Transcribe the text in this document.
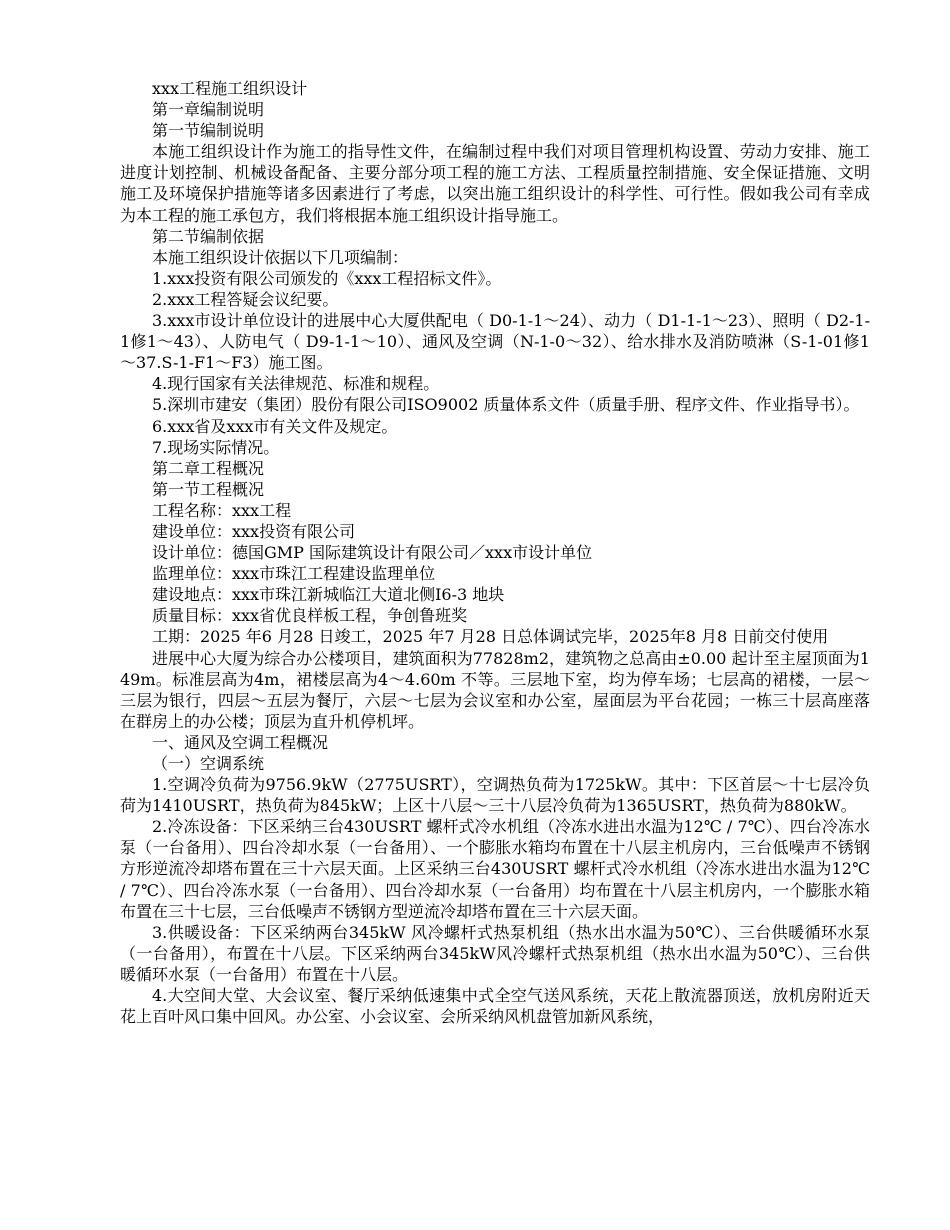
xxx工程施工组织设计

第一章编制说明

第一节编制说明

本施工组织设计作为施工的指导性文件，在编制过程中我们对项目管理机构设置、劳动力安排、施工进度计划控制、机械设备配备、主要分部分项工程的施工方法、工程质量控制措施、安全保证措施、文明施工及环境保护措施等诸多因素进行了考虑，以突出施工组织设计的科学性、可行性。假如我公司有幸成为本工程的施工承包方，我们将根据本施工组织设计指导施工。

第二节编制依据

本施工组织设计依据以下几项编制：

1.xxx投资有限公司颁发的《xxx工程招标文件》。

2.xxx工程答疑会议纪要。

3.xxx市设计单位设计的进展中心大厦供配电（ D0-1-1～24）、动力（ D1-1-1～23）、照明（ D2-1-1修1～43）、人防电气（ D9-1-1～10）、通风及空调（N-1-0～32）、给水排水及消防喷淋（S-1-01修1～37.S-1-F1～F3）施工图。

4.现行国家有关法律规范、标准和规程。

5.深圳市建安（集团）股份有限公司ISO9002 质量体系文件（质量手册、程序文件、作业指导书）。

6.xxx省及xxx市有关文件及规定。

7.现场实际情况。

第二章工程概况

第一节工程概况

工程名称：xxx工程

建设单位：xxx投资有限公司

设计单位：德国GMP 国际建筑设计有限公司／xxx市设计单位

监理单位：xxx市珠江工程建设监理单位

建设地点：xxx市珠江新城临江大道北侧Ⅰ6-3 地块

质量目标：xxx省优良样板工程，争创鲁班奖

工期：2025 年6 月28 日竣工，2025 年7 月28 日总体调试完毕，2025年8 月8 日前交付使用

进展中心大厦为综合办公楼项目，建筑面积为77828m2，建筑物之总高由±0.00 起计至主屋顶面为149m。标准层高为4m，裙楼层高为4～4.60m 不等。三层地下室，均为停车场；七层高的裙楼，一层～三层为银行，四层～五层为餐厅，六层～七层为会议室和办公室，屋面层为平台花园；一栋三十层高座落在群房上的办公楼；顶层为直升机停机坪。

一、通风及空调工程概况

（一）空调系统

1.空调冷负荷为9756.9kW（2775USRT），空调热负荷为1725kW。其中：下区首层～十七层冷负荷为1410USRT，热负荷为845kW；上区十八层～三十八层冷负荷为1365USRT，热负荷为880kW。

2.冷冻设备：下区采纳三台430USRT 螺杆式冷水机组（冷冻水进出水温为12℃ / 7℃）、四台冷冻水泵（一台备用）、四台冷却水泵（一台备用）、一个膨胀水箱均布置在十八层主机房内，三台低噪声不锈钢方形逆流冷却塔布置在三十六层天面。上区采纳三台430USRT 螺杆式冷水机组（冷冻水进出水温为12℃ / 7℃）、四台冷冻水泵（一台备用）、四台冷却水泵（一台备用）均布置在十八层主机房内，一个膨胀水箱布置在三十七层，三台低噪声不锈钢方型逆流冷却塔布置在三十六层天面。

3.供暖设备：下区采纳两台345kW 风冷螺杆式热泵机组（热水出水温为50℃）、三台供暖循环水泵（一台备用），布置在十八层。下区采纳两台345kW风冷螺杆式热泵机组（热水出水温为50℃）、三台供暖循环水泵（一台备用）布置在十八层。

4.大空间大堂、大会议室、餐厅采纳低速集中式全空气送风系统，天花上散流器顶送，放机房附近天花上百叶风口集中回风。办公室、小会议室、会所采纳风机盘管加新风系统，
